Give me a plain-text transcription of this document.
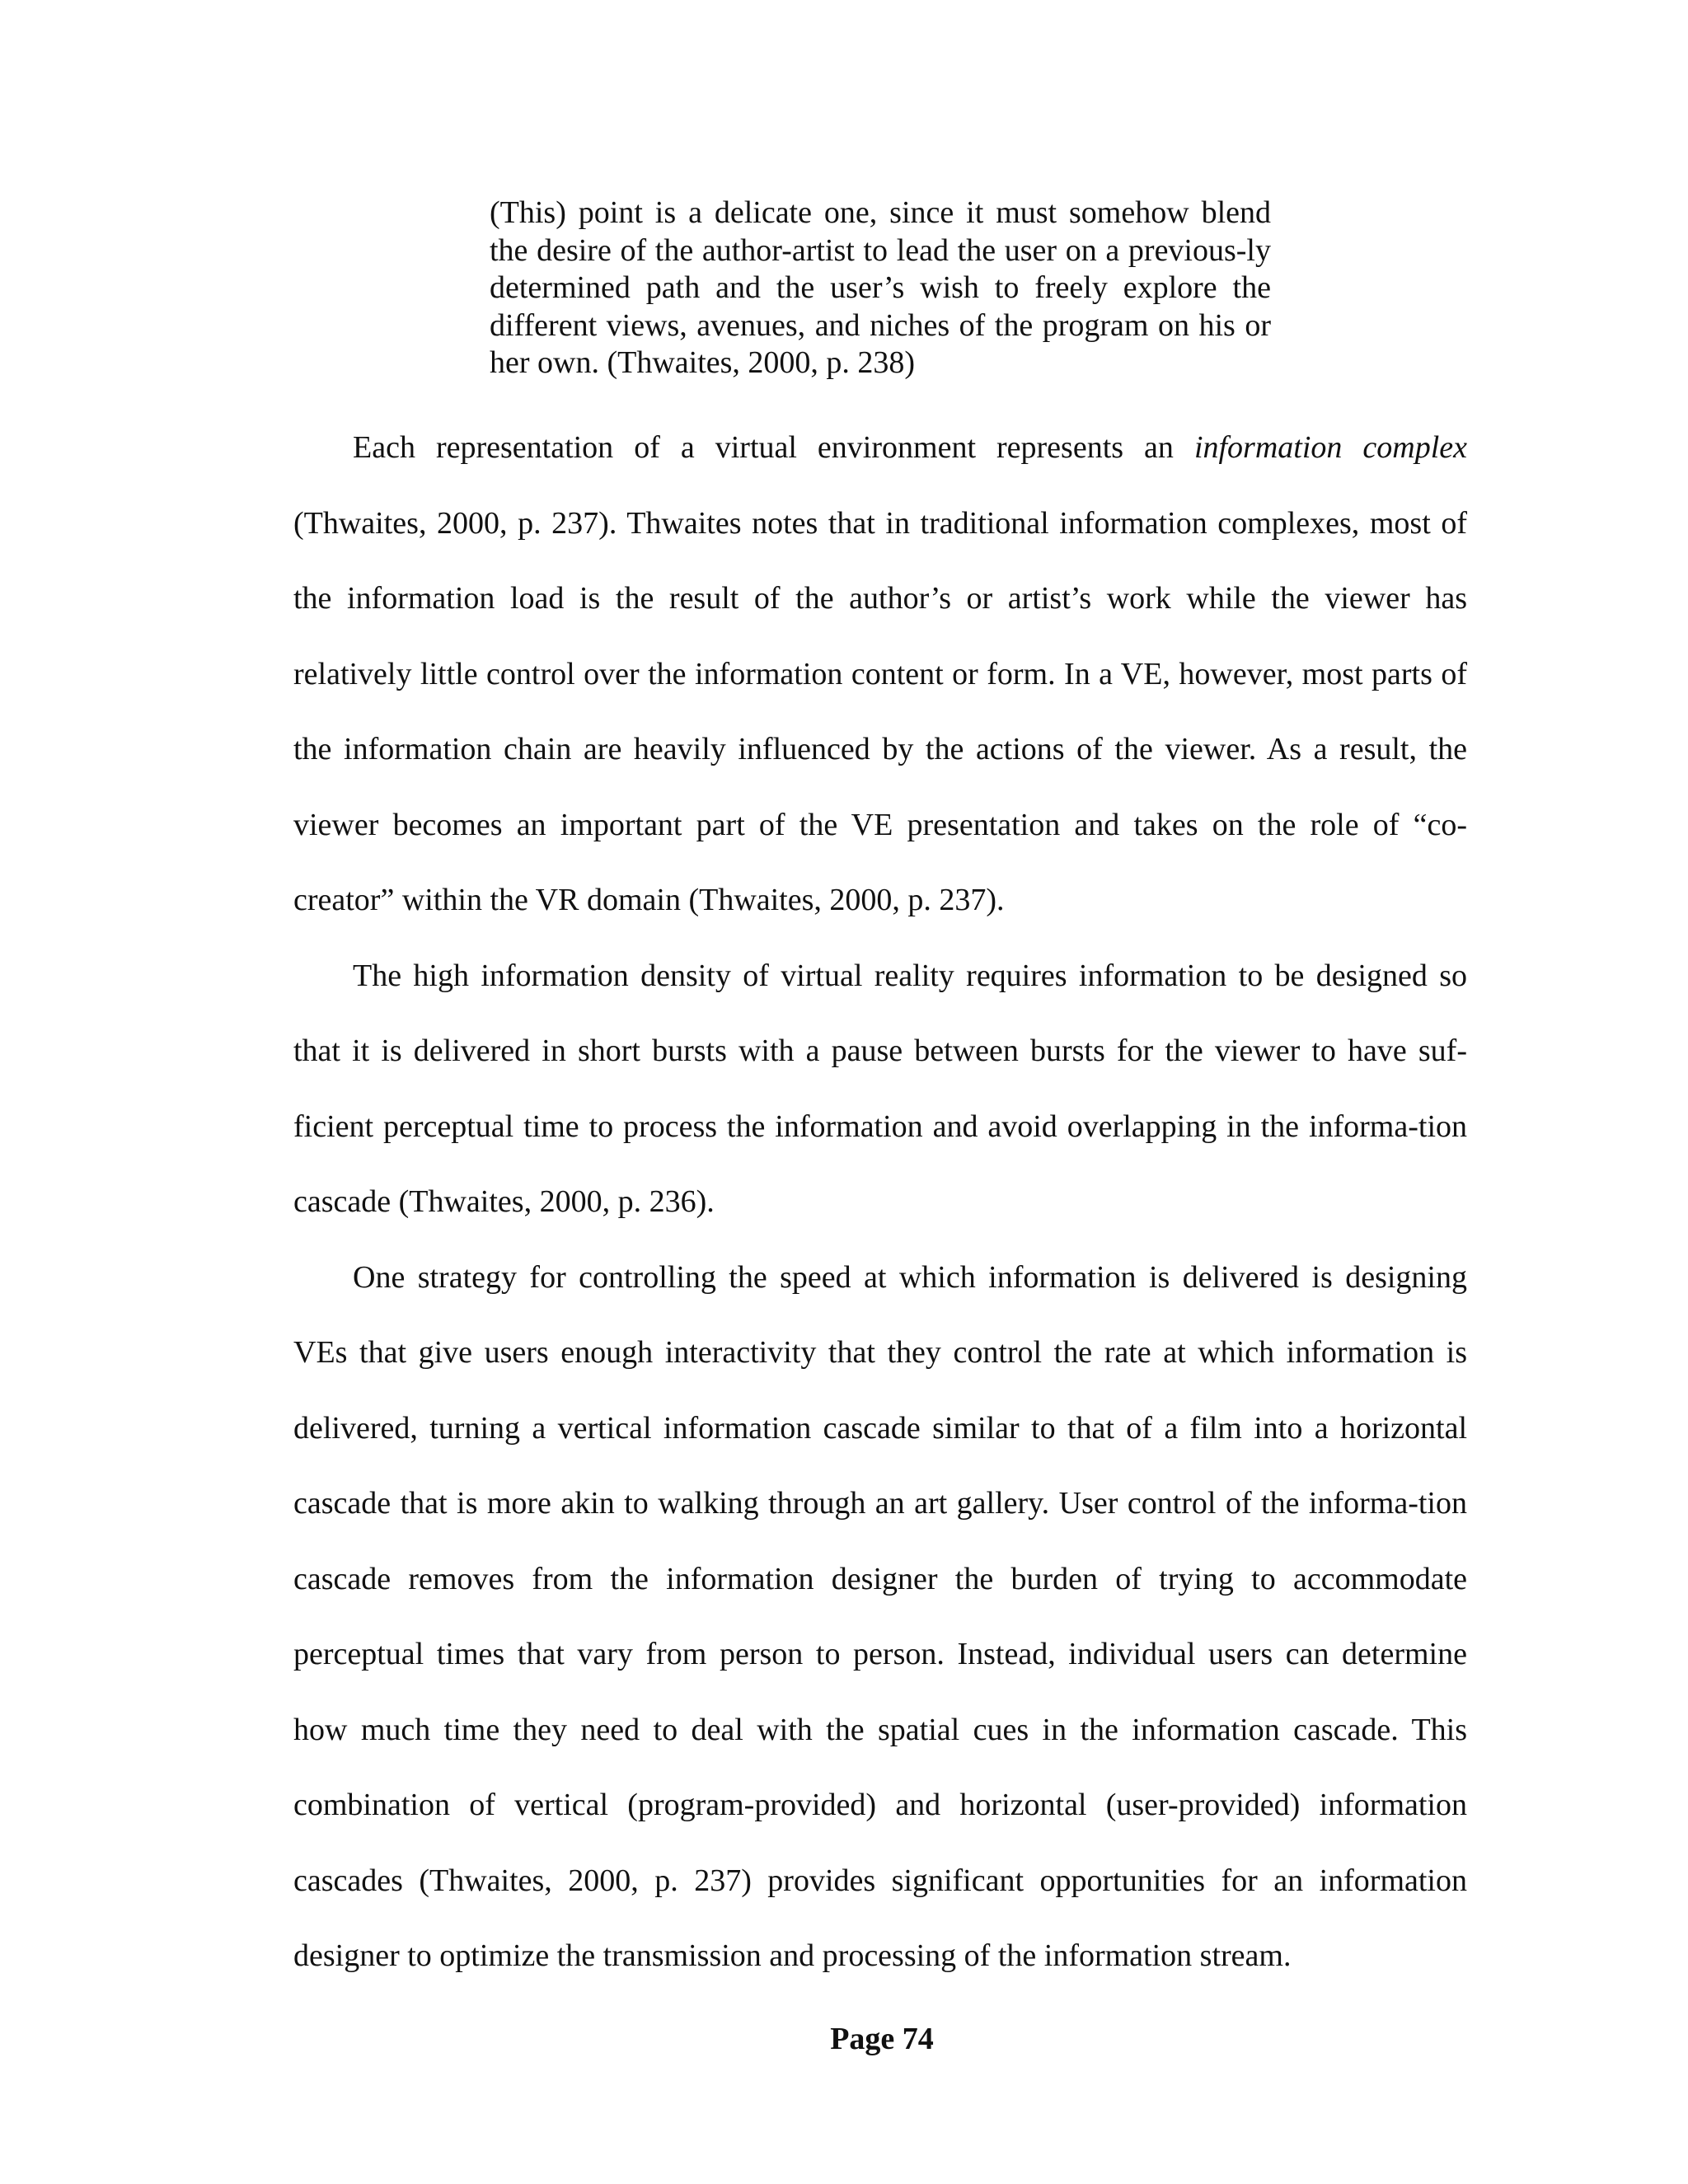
(This) point is a delicate one, since it must somehow blend the desire of the author-artist to lead the user on a previous-ly determined path and the user’s wish to freely explore the different views, avenues, and niches of the program on his or her own. (Thwaites, 2000, p. 238)

Each representation of a virtual environment represents an information complex (Thwaites, 2000, p. 237). Thwaites notes that in traditional information complexes, most of the information load is the result of the author’s or artist’s work while the viewer has relatively little control over the information content or form. In a VE, however, most parts of the information chain are heavily influenced by the actions of the viewer. As a result, the viewer becomes an important part of the VE presentation and takes on the role of “co-creator” within the VR domain (Thwaites, 2000, p. 237).

The high information density of virtual reality requires information to be designed so that it is delivered in short bursts with a pause between bursts for the viewer to have suf-ficient perceptual time to process the information and avoid overlapping in the informa-tion cascade (Thwaites, 2000, p. 236).

One strategy for controlling the speed at which information is delivered is designing VEs that give users enough interactivity that they control the rate at which information is delivered, turning a vertical information cascade similar to that of a film into a horizontal cascade that is more akin to walking through an art gallery. User control of the informa-tion cascade removes from the information designer the burden of trying to accommodate perceptual times that vary from person to person. Instead, individual users can determine how much time they need to deal with the spatial cues in the information cascade. This combination of vertical (program-provided) and horizontal (user-provided) information cascades (Thwaites, 2000, p. 237) provides significant opportunities for an information designer to optimize the transmission and processing of the information stream.

Page 74
